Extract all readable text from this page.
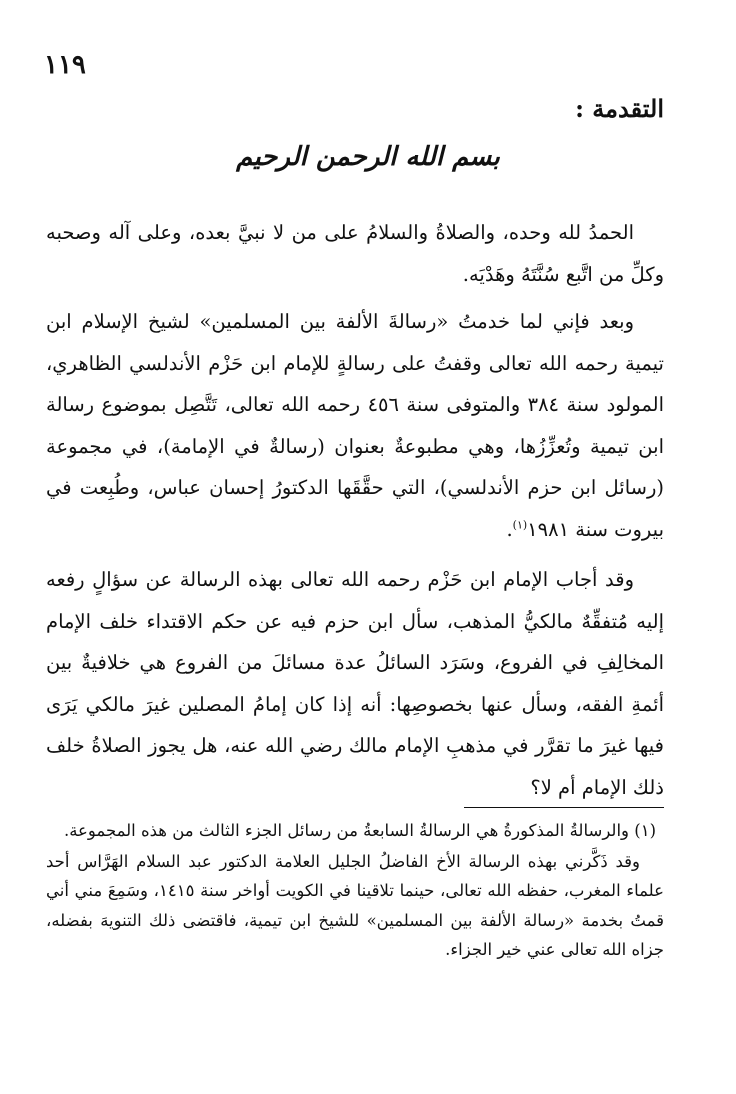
١١٩
التقدمة :
بسم الله الرحمن الرحيم

الحمدُ لله وحده، والصلاةُ والسلامُ على من لا نبيَّ بعده، وعلى آله وصحبه وكلِّ من اتَّبع سُنَّتَهُ وهَدْيَه.

وبعد فإني لما خدمتُ «رسالةَ الألفة بين المسلمين» لشيخ الإسلام ابن تيمية رحمه الله تعالى وقفتُ على رسالةٍ للإمام ابن حَزْم الأندلسي الظاهري، المولود سنة ٣٨٤ والمتوفى سنة ٤٥٦ رحمه الله تعالى، تَتَّصِل بموضوع رسالة ابن تيمية وتُعزِّزُها، وهي مطبوعةٌ بعنوان (رسالةٌ في الإمامة)، في مجموعة (رسائل ابن حزم الأندلسي)، التي حقَّقَها الدكتورُ إحسان عباس، وطُبِعت في بيروت سنة ١٩٨١$^{(١)}$.

وقد أجاب الإمام ابن حَزْم رحمه الله تعالى بهذه الرسالة عن سؤالٍ رفعه إليه مُتفقِّهٌ مالكيُّ المذهب، سأل ابن حزم فيه عن حكم الاقتداء خلف الإمام المخالِفِ في الفروع، وسَرَد السائلُ عدة مسائلَ من الفروع هي خلافيةٌ بين أئمةِ الفقه، وسأل عنها بخصوصِها: أنه إذا كان إمامُ المصلين غيرَ مالكي يَرَى فيها غيرَ ما تقرَّر في مذهبِ الإمام مالك رضي الله عنه، هل يجوز الصلاةُ خلف ذلك الإمام أم لا؟

(١) والرسالةُ المذكورةُ هي الرسالةُ السابعةُ من رسائل الجزء الثالث من هذه المجموعة.

وقد ذَكَّرني بهذه الرسالة الأخ الفاضلُ الجليل العلامة الدكتور عبد السلام الهَرَّاس أحد علماء المغرب، حفظه الله تعالى، حينما تلاقينا في الكويت أواخر سنة ١٤١٥، وسَمِعَ مني أني قمتُ بخدمة «رسالة الألفة بين المسلمين» للشيخ ابن تيمية، فاقتضى ذلك التنويهَ بفضله، جزاه الله تعالى عني خير الجزاء.
